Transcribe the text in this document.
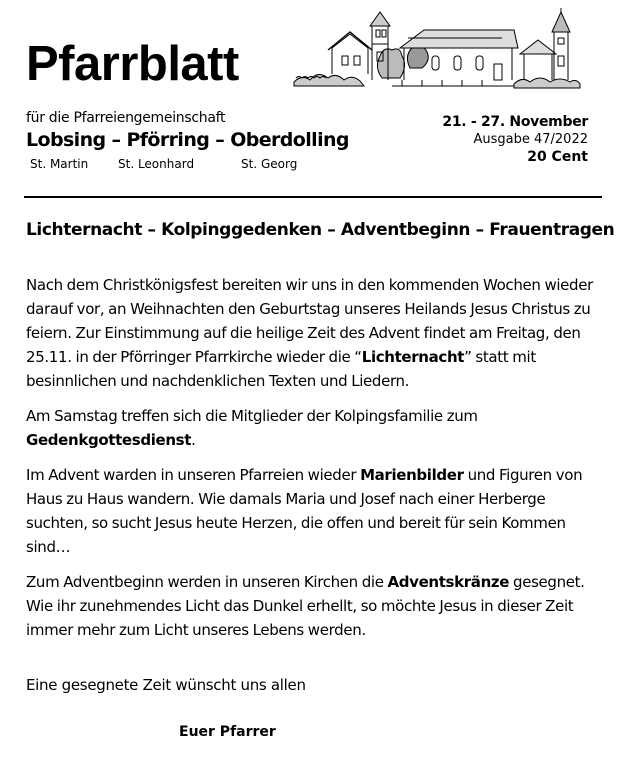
Pfarrblatt
für die Pfarreiengemeinschaft
Lobsing – Pförring – Oberdolling
St. Martin St. Leonhard	St. Georg
21. - 27. November
Ausgabe 47/2022
20 Cent
Lichternacht – Kolpinggedenken – Adventbeginn – Frauentragen

Nach dem Christkönigsfest bereiten wir uns in den kommenden Wochen wieder darauf vor, an Weihnachten den Geburtstag unseres Heilands Jesus Christus zu feiern. Zur Einstimmung auf die heilige Zeit des Advent findet am Freitag, den 25.11. in der Pförringer Pfarrkirche wieder die “Lichternacht” statt mit besinnlichen und nachdenklichen Texten und Liedern.

Am Samstag treffen sich die Mitglieder der Kolpingsfamilie zum Gedenkgottesdienst.

Im Advent warden in unseren Pfarreien wieder Marienbilder und Figuren von Haus zu Haus wandern. Wie damals Maria und Josef nach einer Herberge suchten, so sucht Jesus heute Herzen, die offen und bereit für sein Kommen sind…

Zum Adventbeginn werden in unseren Kirchen die Adventskränze gesegnet. Wie ihr zunehmendes Licht das Dunkel erhellt, so möchte Jesus in dieser Zeit immer mehr zum Licht unseres Lebens werden.

Eine gesegnete Zeit wünscht uns allen
Euer Pfarrer
